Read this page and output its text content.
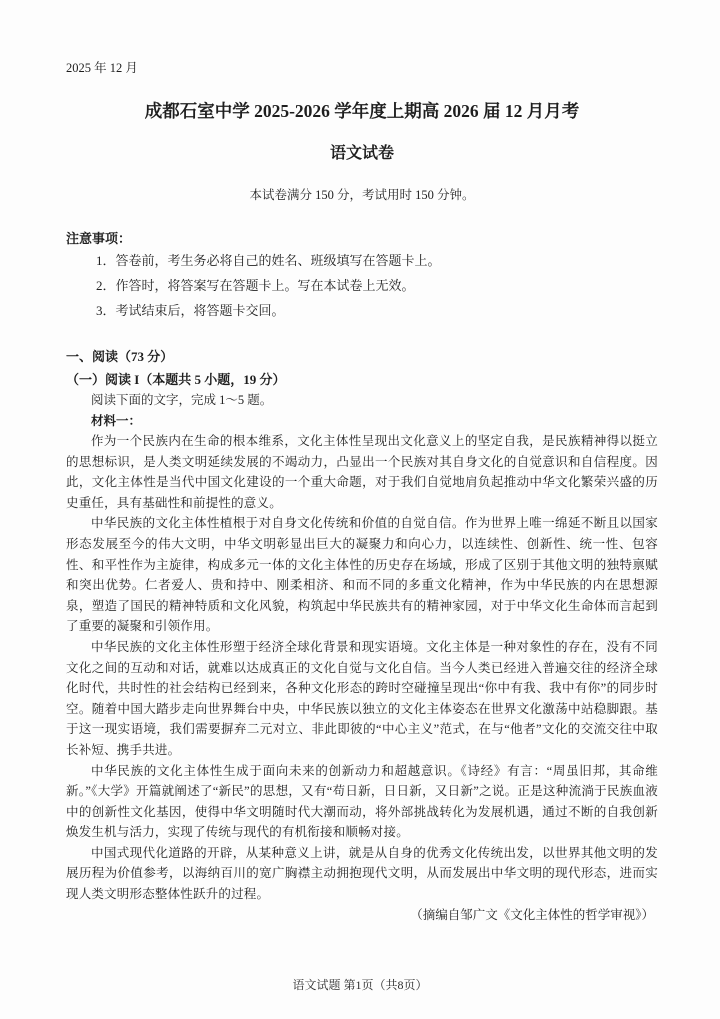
2025 年 12 月
成都石室中学 2025-2026 学年度上期高 2026 届 12 月月考
语文试卷
本试卷满分 150 分，考试用时 150 分钟。
注意事项：
1．答卷前，考生务必将自己的姓名、班级填写在答题卡上。
2．作答时，将答案写在答题卡上。写在本试卷上无效。
3．考试结束后，将答题卡交回。
一、阅读（73 分）
（一）阅读 I（本题共 5 小题，19 分）
阅读下面的文字，完成 1～5 题。
材料一：

作为一个民族内在生命的根本维系，文化主体性呈现出文化意义上的坚定自我，是民族精神得以挺立的思想标识，是人类文明延续发展的不竭动力，凸显出一个民族对其自身文化的自觉意识和自信程度。因此，文化主体性是当代中国文化建设的一个重大命题，对于我们自觉地肩负起推动中华文化繁荣兴盛的历史重任，具有基础性和前提性的意义。

中华民族的文化主体性植根于对自身文化传统和价值的自觉自信。作为世界上唯一绵延不断且以国家形态发展至今的伟大文明，中华文明彰显出巨大的凝聚力和向心力，以连续性、创新性、统一性、包容性、和平性作为主旋律，构成多元一体的文化主体性的历史存在场域，形成了区别于其他文明的独特禀赋和突出优势。仁者爱人、贵和持中、刚柔相济、和而不同的多重文化精神，作为中华民族的内在思想源泉，塑造了国民的精神特质和文化风貌，构筑起中华民族共有的精神家园，对于中华文化生命体而言起到了重要的凝聚和引领作用。

中华民族的文化主体性形塑于经济全球化背景和现实语境。文化主体是一种对象性的存在，没有不同文化之间的互动和对话，就难以达成真正的文化自觉与文化自信。当今人类已经进入普遍交往的经济全球化时代，共时性的社会结构已经到来，各种文化形态的跨时空碰撞呈现出“你中有我、我中有你”的同步时空。随着中国大踏步走向世界舞台中央，中华民族以独立的文化主体姿态在世界文化激荡中站稳脚跟。基于这一现实语境，我们需要摒弃二元对立、非此即彼的“中心主义”范式，在与“他者”文化的交流交往中取长补短、携手共进。

中华民族的文化主体性生成于面向未来的创新动力和超越意识。《诗经》有言：“周虽旧邦，其命维新。”《大学》开篇就阐述了“新民”的思想，又有“苟日新，日日新，又日新”之说。正是这种流淌于民族血液中的创新性文化基因，使得中华文明随时代大潮而动，将外部挑战转化为发展机遇，通过不断的自我创新焕发生机与活力，实现了传统与现代的有机衔接和顺畅对接。

中国式现代化道路的开辟，从某种意义上讲，就是从自身的优秀文化传统出发，以世界其他文明的发展历程为价值参考，以海纳百川的宽广胸襟主动拥抱现代文明，从而发展出中华文明的现代形态，进而实现人类文明形态整体性跃升的过程。

（摘编自邹广文《文化主体性的哲学审视》）
语文试题 第1页（共8页）
